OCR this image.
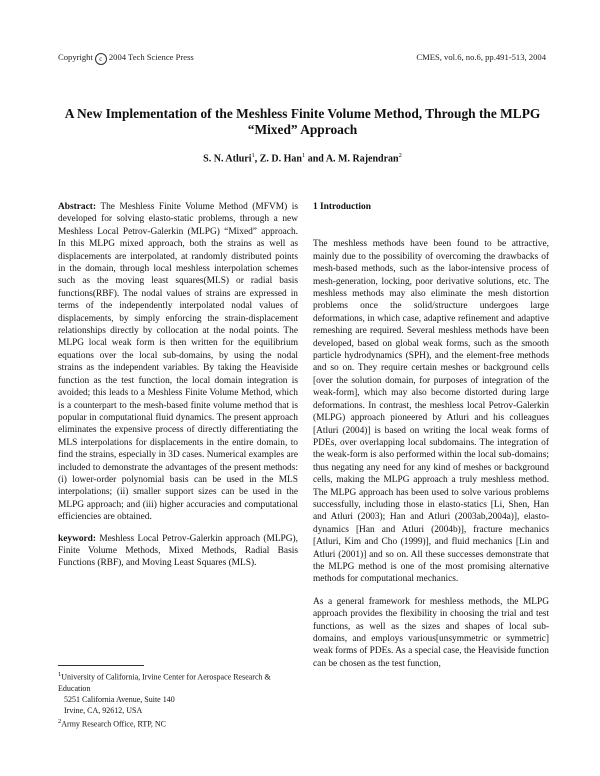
Copyright c 2004 Tech Science Press	CMES, vol.6, no.6, pp.491-513, 2004
A New Implementation of the Meshless Finite Volume Method, Through the MLPG “Mixed” Approach
S. N. Atluri$^1$, Z. D. Han$^1$ and A. M. Rajendran$^2$

Abstract: The Meshless Finite Volume Method (MFVM) is developed for solving elasto-static problems, through a new Meshless Local Petrov-Galerkin (MLPG) “Mixed” approach. In this MLPG mixed approach, both the strains as well as displacements are interpolated, at randomly distributed points in the domain, through local meshless interpolation schemes such as the moving least squares(MLS) or radial basis functions(RBF). The nodal values of strains are expressed in terms of the independently interpolated nodal values of displacements, by simply enforcing the strain-displacement relationships directly by collocation at the nodal points. The MLPG local weak form is then written for the equilibrium equations over the local sub-domains, by using the nodal strains as the independent variables. By taking the Heaviside function as the test function, the local domain integration is avoided; this leads to a Meshless Finite Volume Method, which is a counterpart to the mesh-based finite volume method that is popular in computational fluid dynamics. The present approach eliminates the expensive process of directly differentiating the MLS interpolations for displacements in the entire domain, to find the strains, especially in 3D cases. Numerical examples are included to demonstrate the advantages of the present methods: (i) lower-order polynomial basis can be used in the MLS interpolations; (ii) smaller support sizes can be used in the MLPG approach; and (iii) higher accuracies and computational efficiencies are obtained.

keyword: Meshless Local Petrov-Galerkin approach (MLPG), Finite Volume Methods, Mixed Methods, Radial Basis Functions (RBF), and Moving Least Squares (MLS).

1 Introduction

The meshless methods have been found to be attractive, mainly due to the possibility of overcoming the drawbacks of mesh-based methods, such as the labor-intensive process of mesh-generation, locking, poor derivative solutions, etc. The meshless methods may also eliminate the mesh distortion problems once the solid/structure undergoes large deformations, in which case, adaptive refinement and adaptive remeshing are required. Several meshless methods have been developed, based on global weak forms, such as the smooth particle hydrodynamics (SPH), and the element-free methods and so on. They require certain meshes or background cells [over the solution domain, for purposes of integration of the weak-form], which may also become distorted during large deformations. In contrast, the meshless local Petrov-Galerkin (MLPG) approach pioneered by Atluri and his colleagues [Atluri (2004)] is based on writing the local weak forms of PDEs, over overlapping local subdomains. The integration of the weak-form is also performed within the local sub-domains; thus negating any need for any kind of meshes or background cells, making the MLPG approach a truly meshless method. The MLPG approach has been used to solve various problems successfully, including those in elasto-statics [Li, Shen, Han and Atluri (2003); Han and Atluri (2003ab,2004a)], elasto-dynamics [Han and Atluri (2004b)], fracture mechanics [Atluri, Kim and Cho (1999)], and fluid mechanics [Lin and Atluri (2001)] and so on. All these successes demonstrate that the MLPG method is one of the most promising alternative methods for computational mechanics.

As a general framework for meshless methods, the MLPG approach provides the flexibility in choosing the trial and test functions, as well as the sizes and shapes of local sub-domains, and employs various[unsymmetric or symmetric] weak forms of PDEs. As a special case, the Heaviside function can be chosen as the test function,

$^1$University of California, Irvine Center for Aerospace Research & Education
5251 California Avenue, Suite 140
Irvine, CA, 92612, USA
$^2$Army Research Office, RTP, NC
